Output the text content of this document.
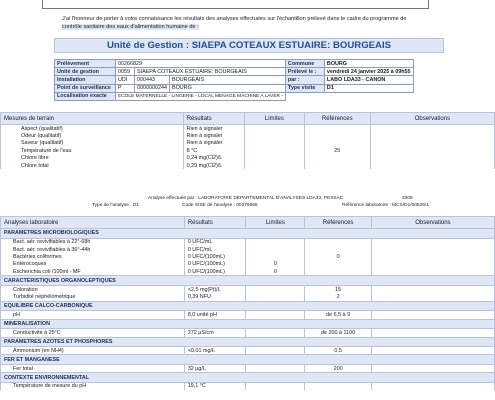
J'ai l'honneur de porter à votre connaissance les résultats des analyses effectuées sur l'échantillon prélevé dans le cadre du programme de
contrôle sanitaire des eaux d'alimentation humaine de :
Unité de Gestion : SIAEPA COTEAUX ESTUAIRE: BOURGEAIS
Prélèvement	00266829			Commune	BOURG
Unité de gestion	0059	SIAEPA COTEAUX ESTUAIRE: BOURGEAIS		Prélevé le :	vendredi 24 janvier 2025 à 09h55
Installation	UDI	000443	BOURGEAIS	par :	LABO LDA33 - CANON
Point de surveillance	P	0000000244	BOURG	Type visite	D1
Localisation exacte	ECOLE MATERNELLE - LINGERIE - LOCAL MENAGE MACHINE A LAVER -				
Mesures de terrain	Résultats	Limites	Références	Observations
Aspect (qualitatif)	Rien à signaler			
Odeur (qualitatif)	Rien à signaler			
Saveur (qualitatif)	Rien à signaler			
Température de l'eau	8 °C		25	
Chlore libre	0,24 mg(Cl2)/L			
Chlore total	0,29 mg(Cl2)/L			
Analyse effectuée par : LABORATOIRE DEPARTEMENTAL D'ANALYSES LDA33, PESSAC	3306
Type de l'analyse : D1	Code SISE de l'analyse : 00276066	Référence laboratoire : MCS/D1/00525/1
Analyses laboratoire	Résultats	Limites	Références	Observations
PARAMETRES MICROBIOLOGIQUES				
Bact. aér. revivifiables à 22°-68h	0 UFC/mL			
Bact. aér. revivifiables à 36°-44h	0 UFC/mL			
Bactéries coliformes	0 UFC/(100mL)		0	
Entérocoques	0 UFC/(100mL)	0		
Escherichia coli /100ml - MF	0 UFC/(100mL)	0		
CARACTERISTIQUES ORGANOLEPTIQUES				
Coloration	<2,5 mg(Pt)/L		15	
Turbidité néphélométrique	0,39 NFU		2	
EQUILIBRE CALCO-CARBONIQUE				
pH	8,0 unité pH		de 6,5 à 9	
MINERALISATION				
Conductivité à 25°C	272 µS/cm		de 200 à 1100	
PARAMETRES AZOTES ET PHOSPHORES				
Ammonium (en NH4)	<0,01 mg/L		0,5	
FER ET MANGANESE				
Fer total	32 µg/L		200	
CONTEXTE ENVIRONNEMENTAL				
Température de mesure du pH	19,1 °C			
